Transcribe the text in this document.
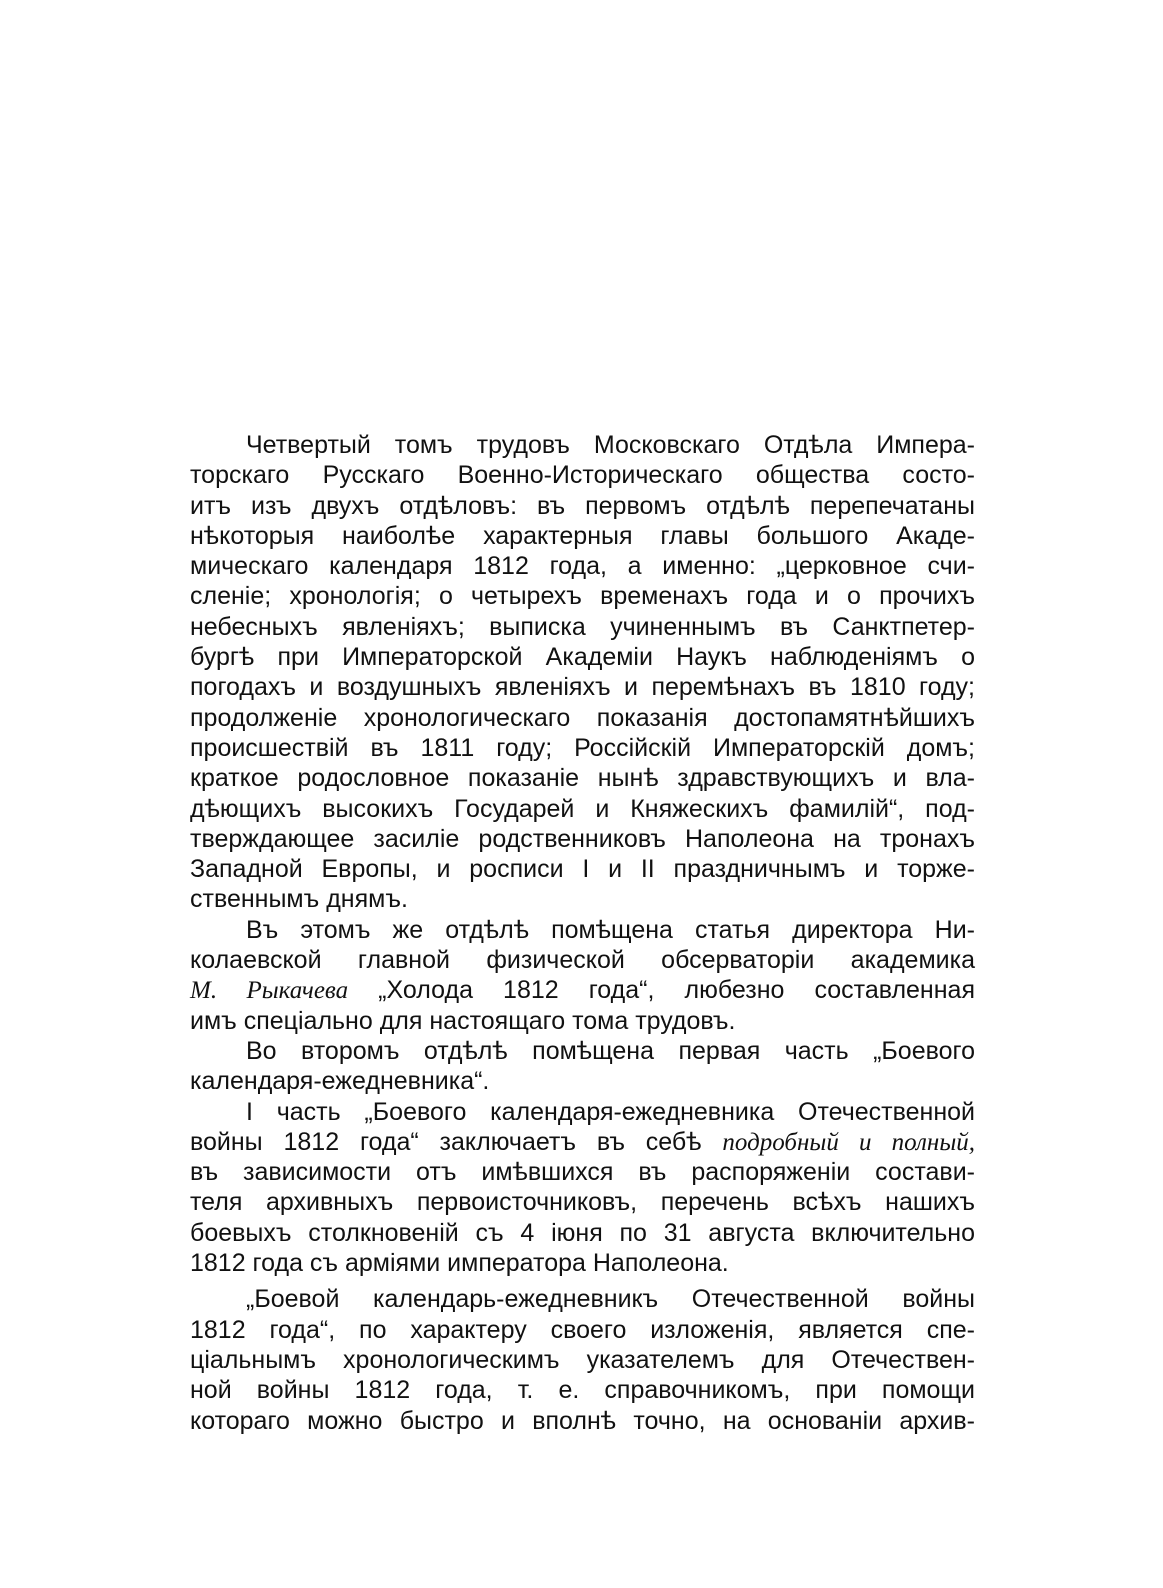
Четвертый томъ трудовъ Московскаго Отдѣла Импера-
торскаго Русскаго Военно-Историческаго общества состо-
итъ изъ двухъ отдѣловъ: въ первомъ отдѣлѣ перепечатаны
нѣкоторыя наиболѣе характерныя главы большого Акаде-
мическаго календаря 1812 года, а именно: „церковное счи-
сленіе; хронологія; о четырехъ временахъ года и о прочихъ
небесныхъ явленіяхъ; выписка учиненнымъ въ Санктпетер-
бургѣ при Императорской Академіи Наукъ наблюденіямъ о
погодахъ и воздушныхъ явленіяхъ и перемѣнахъ въ 1810 году;
продолженіе хронологическаго показанія достопамятнѣйшихъ
происшествій въ 1811 году; Россійскій Императорскій домъ;
краткое родословное показаніе нынѣ здравствующихъ и вла-
дѣющихъ высокихъ Государей и Княжескихъ фамилій“, под-
тверждающее засиліе родственниковъ Наполеона на тронахъ
Западной Европы, и росписи I и II праздничнымъ и торже-
ственнымъ днямъ.
Въ этомъ же отдѣлѣ помѣщена статья директора Ни-
колаевской главной физической обсерваторіи академика
М. Рыкачева „Холода 1812 года“, любезно составленная
имъ спеціально для настоящаго тома трудовъ.
Во второмъ отдѣлѣ помѣщена первая часть „Боевого
календаря-ежедневника“.
I часть „Боевого календаря-ежедневника Отечественной
войны 1812 года“ заключаетъ въ себѣ подробный и полный,
въ зависимости отъ имѣвшихся въ распоряженіи состави-
теля архивныхъ первоисточниковъ, перечень всѣхъ нашихъ
боевыхъ столкновеній съ 4 іюня по 31 августа включительно
1812 года съ арміями императора Наполеона.
„Боевой календарь-ежедневникъ Отечественной войны
1812 года“, по характеру своего изложенія, является спе-
ціальнымъ хронологическимъ указателемъ для Отечествен-
ной войны 1812 года, т. е. справочникомъ, при помощи
котораго можно быстро и вполнѣ точно, на основаніи архив-
